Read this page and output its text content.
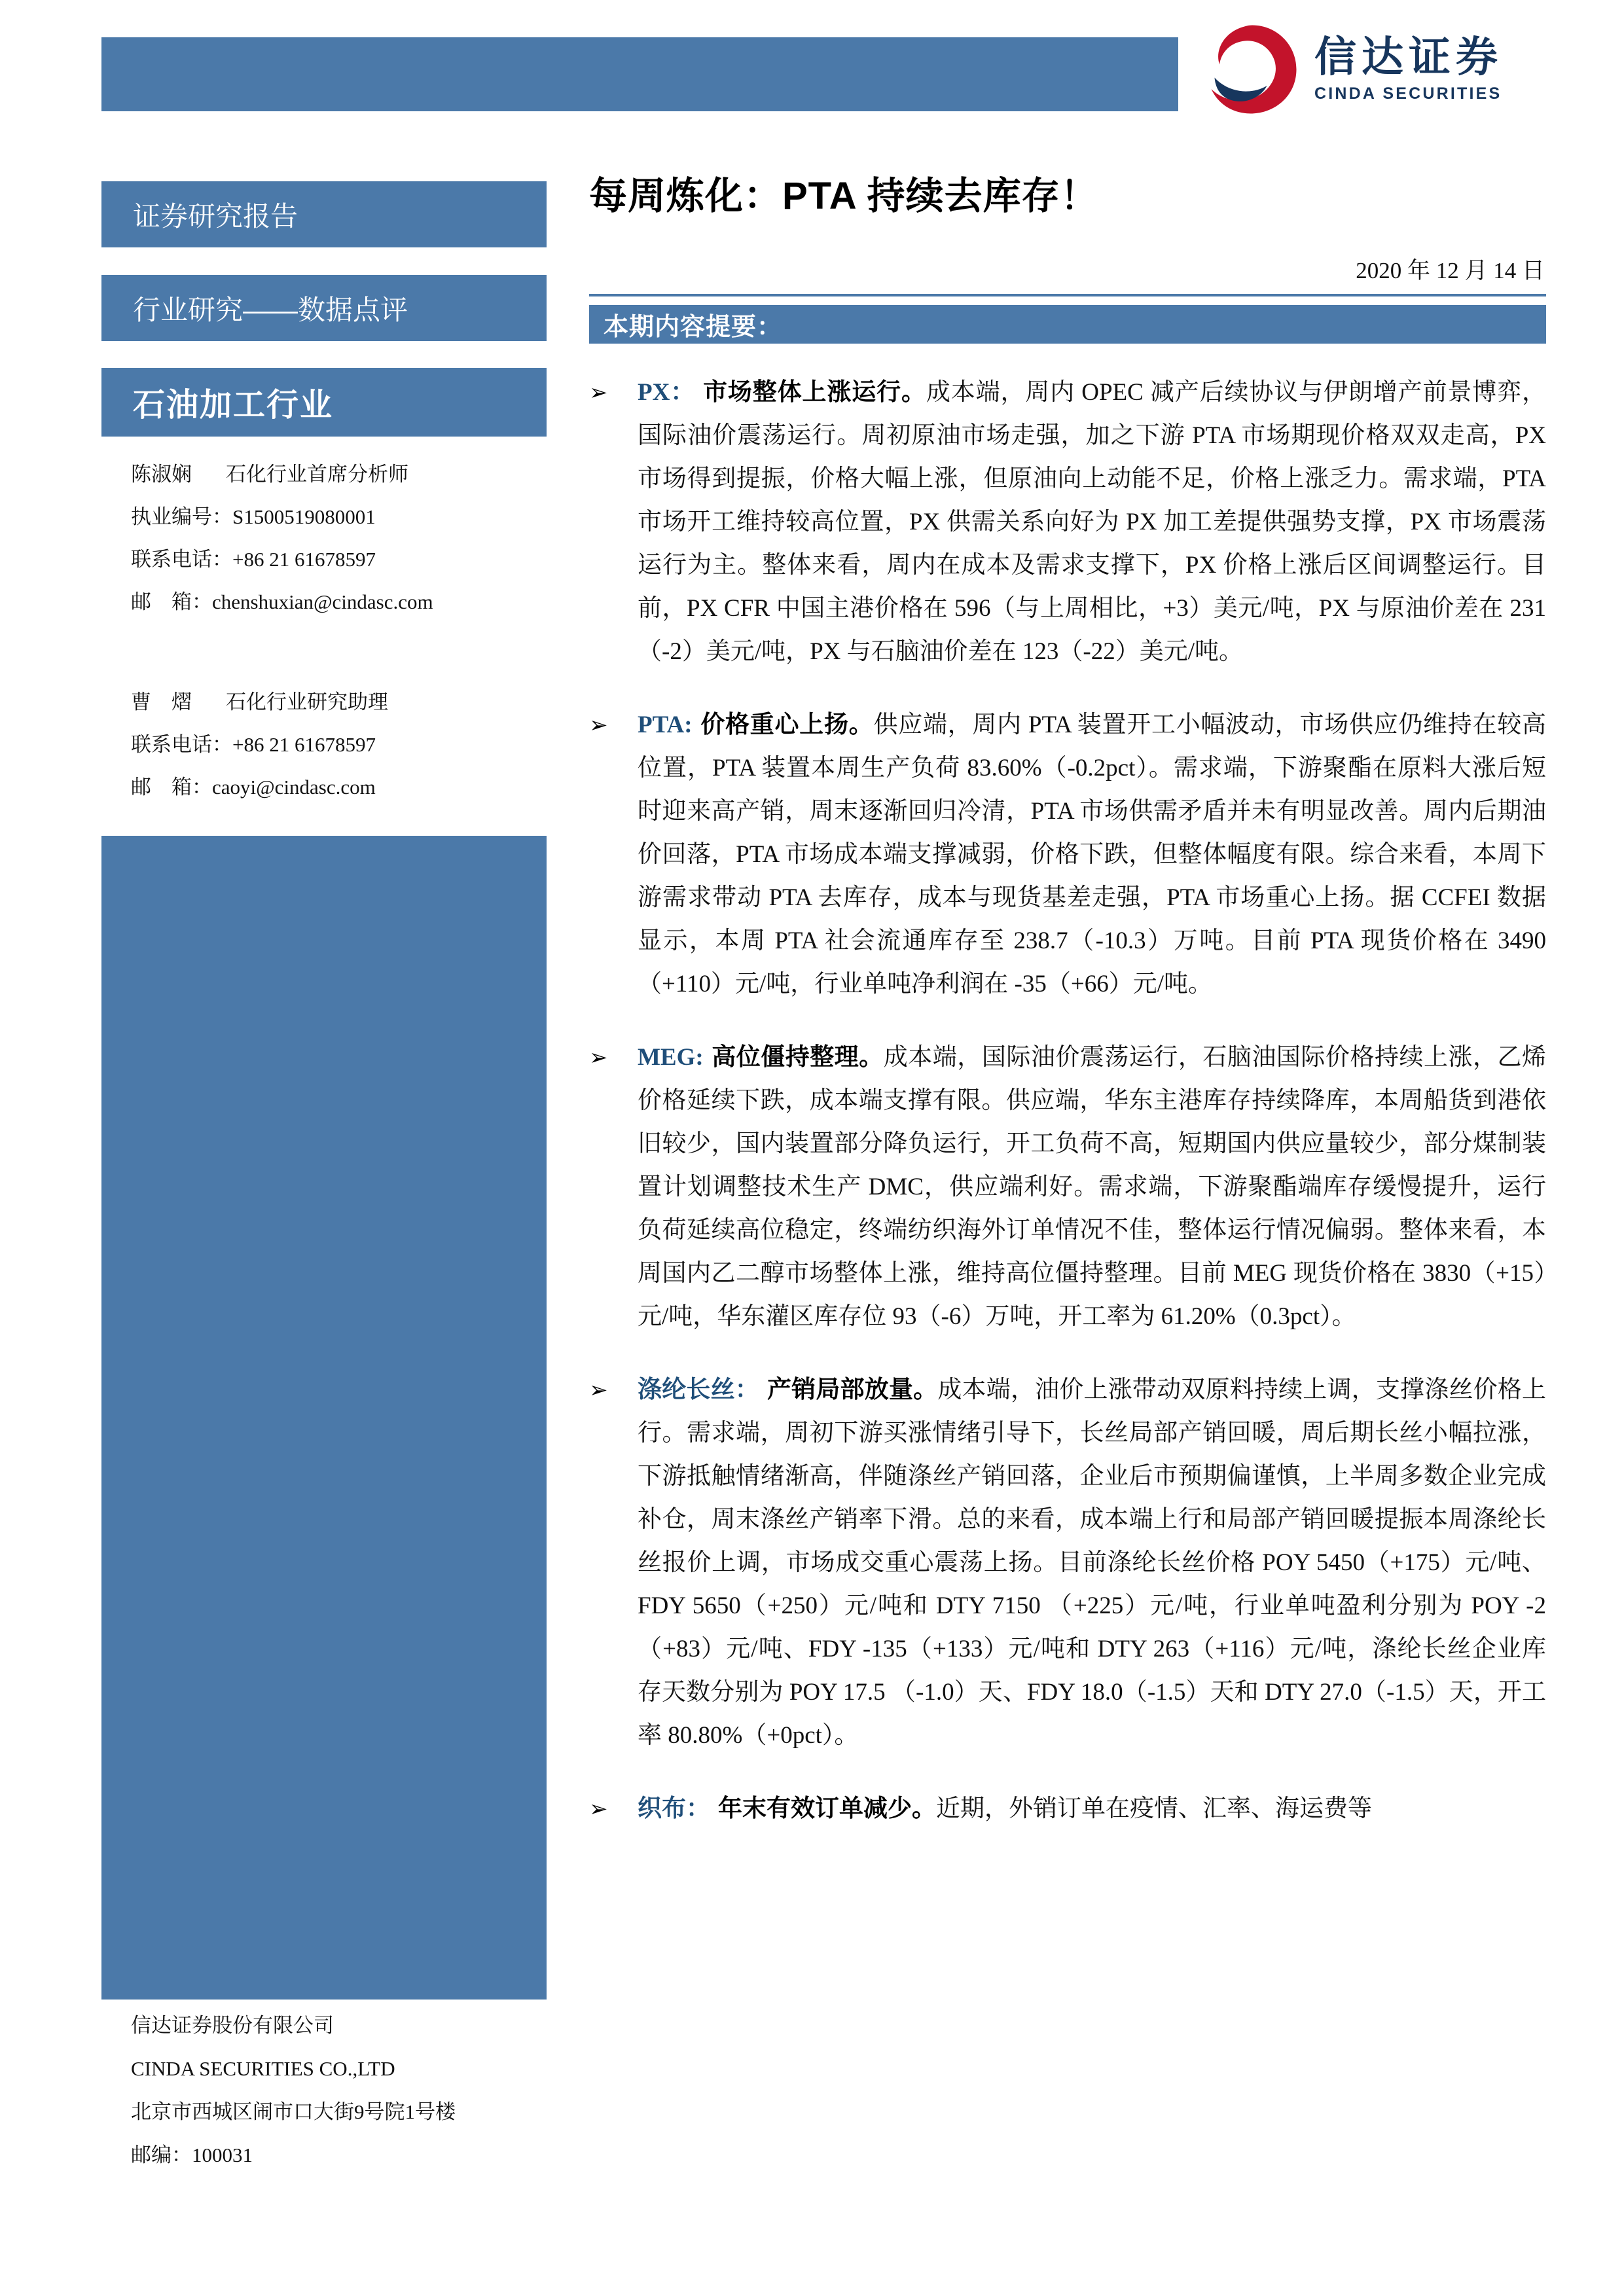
信达证券
CINDA SECURITIES
证券研究报告
行业研究——数据点评
石油加工行业
陈淑娴 石化行业首席分析师
执业编号：S1500519080001
联系电话：+86 21 61678597
邮　箱：chenshuxian@cindasc.com
曹　熠 石化行业研究助理
联系电话：+86 21 61678597
邮　箱：caoyi@cindasc.com
信达证券股份有限公司
CINDA SECURITIES CO.,LTD
北京市西城区闹市口大街9号院1号楼
邮编：100031
每周炼化：PTA 持续去库存！
2020 年 12 月 14 日
本期内容提要：
➢	PX： 市场整体上涨运行。成本端，周内 OPEC 减产后续协议与伊朗增产前景博弈，国际油价震荡运行。周初原油市场走强，加之下游 PTA 市场期现价格双双走高，PX 市场得到提振，价格大幅上涨，但原油向上动能不足，价格上涨乏力。需求端，PTA 市场开工维持较高位置，PX 供需关系向好为 PX 加工差提供强势支撑，PX 市场震荡运行为主。整体来看，周内在成本及需求支撑下，PX 价格上涨后区间调整运行。目前，PX CFR 中国主港价格在 596（与上周相比，+3）美元/吨，PX 与原油价差在 231（-2）美元/吨，PX 与石脑油价差在 123（-22）美元/吨。

➢	PTA: 价格重心上扬。供应端，周内 PTA 装置开工小幅波动，市场供应仍维持在较高位置，PTA 装置本周生产负荷 83.60%（-0.2pct）。需求端，下游聚酯在原料大涨后短时迎来高产销，周末逐渐回归冷清，PTA 市场供需矛盾并未有明显改善。周内后期油价回落，PTA 市场成本端支撑减弱，价格下跌，但整体幅度有限。综合来看，本周下游需求带动 PTA 去库存，成本与现货基差走强，PTA 市场重心上扬。据 CCFEI 数据显示，本周 PTA 社会流通库存至 238.7（-10.3）万吨。目前 PTA 现货价格在 3490（+110）元/吨，行业单吨净利润在 -35（+66）元/吨。

➢	MEG: 高位僵持整理。成本端，国际油价震荡运行，石脑油国际价格持续上涨，乙烯价格延续下跌，成本端支撑有限。供应端，华东主港库存持续降库，本周船货到港依旧较少，国内装置部分降负运行，开工负荷不高，短期国内供应量较少，部分煤制装置计划调整技术生产 DMC，供应端利好。需求端，下游聚酯端库存缓慢提升，运行负荷延续高位稳定，终端纺织海外订单情况不佳，整体运行情况偏弱。整体来看，本周国内乙二醇市场整体上涨，维持高位僵持整理。目前 MEG 现货价格在 3830（+15）元/吨，华东灌区库存位 93（-6）万吨，开工率为 61.20%（0.3pct）。

➢	涤纶长丝： 产销局部放量。成本端，油价上涨带动双原料持续上调，支撑涤丝价格上行。需求端，周初下游买涨情绪引导下，长丝局部产销回暖，周后期长丝小幅拉涨，下游抵触情绪渐高，伴随涤丝产销回落，企业后市预期偏谨慎，上半周多数企业完成补仓，周末涤丝产销率下滑。总的来看，成本端上行和局部产销回暖提振本周涤纶长丝报价上调，市场成交重心震荡上扬。目前涤纶长丝价格 POY 5450（+175）元/吨、FDY 5650（+250）元/吨和 DTY 7150 （+225）元/吨，行业单吨盈利分别为 POY -2 （+83）元/吨、FDY -135（+133）元/吨和 DTY 263（+116）元/吨，涤纶长丝企业库存天数分别为 POY 17.5 （-1.0）天、FDY 18.0（-1.5）天和 DTY 27.0（-1.5）天，开工率 80.80%（+0pct）。

➢	织布： 年末有效订单减少。近期，外销订单在疫情、汇率、海运费等
